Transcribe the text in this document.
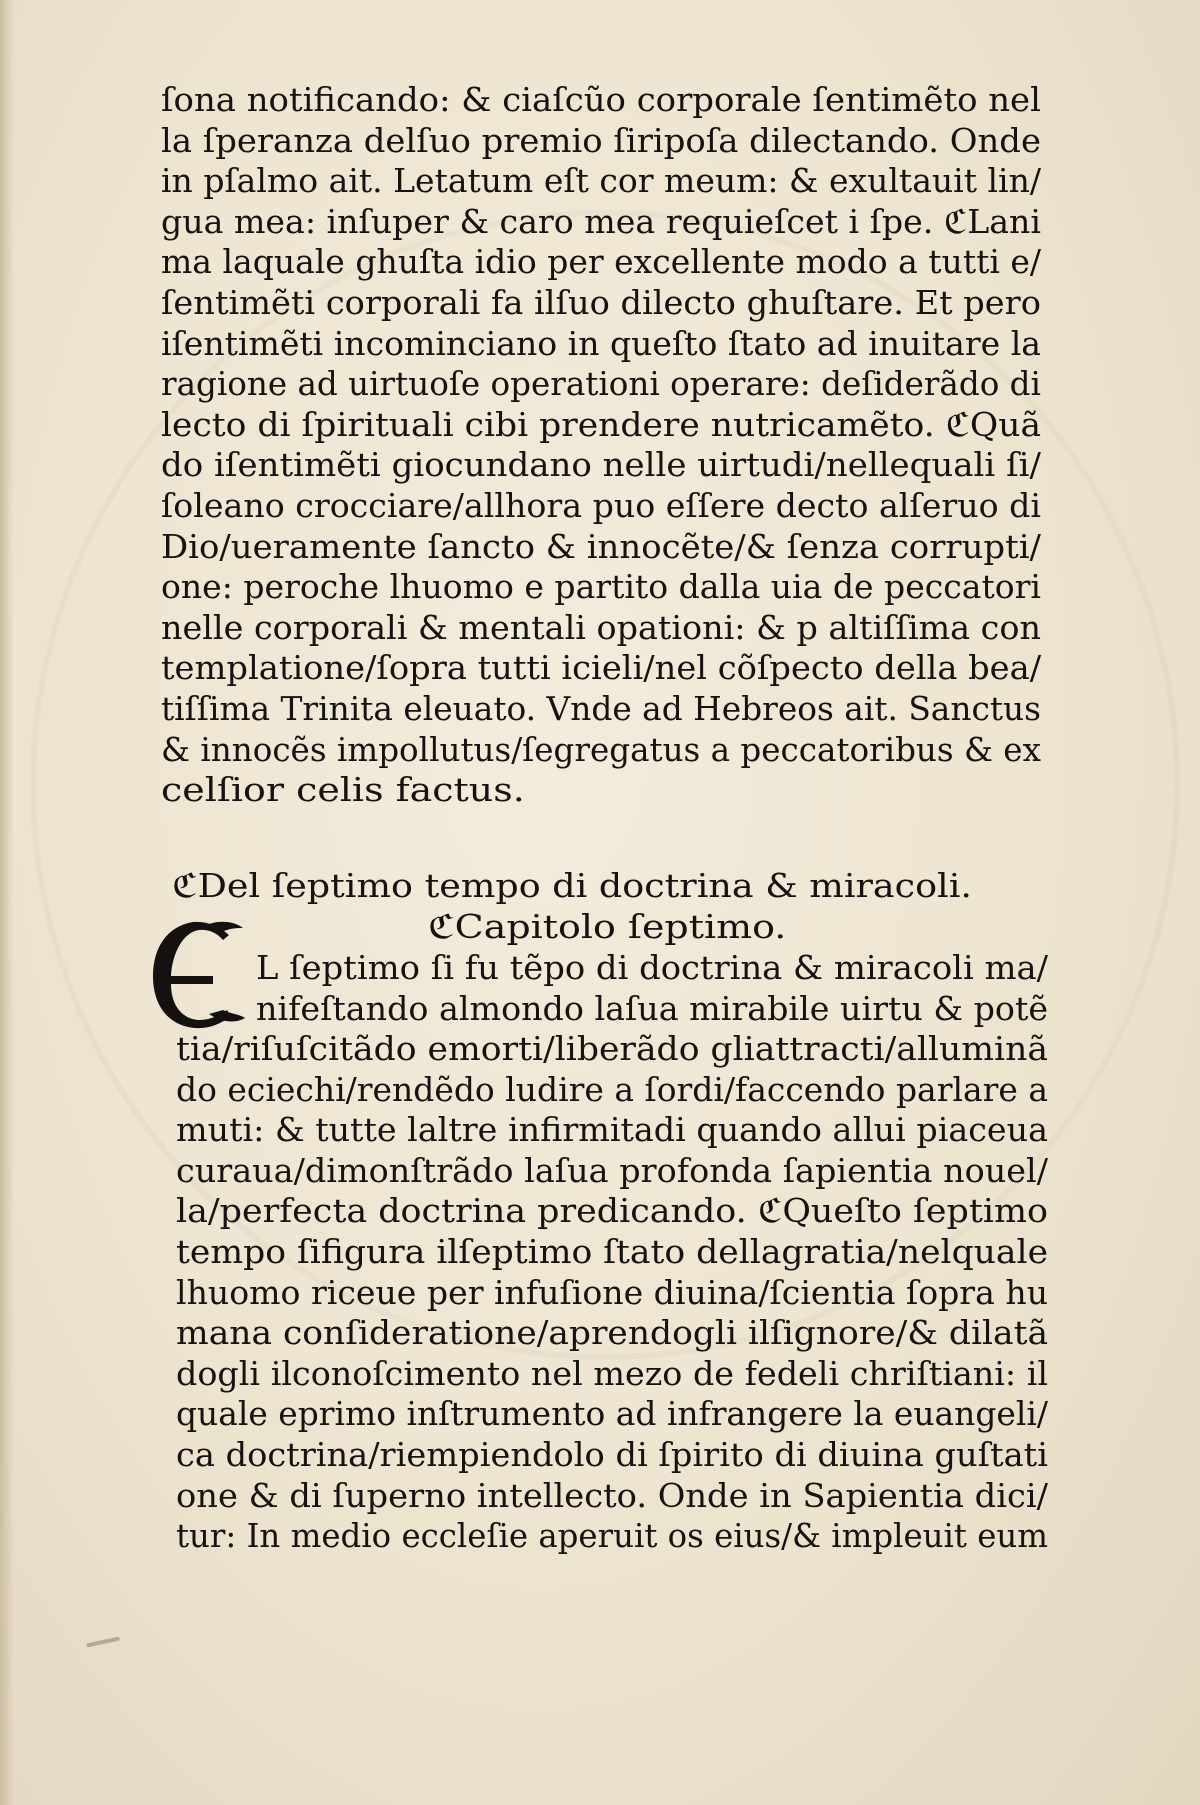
ſona notificando: & ciaſcũo corporale ſentimẽto nel
la ſperanza delſuo premio ſiripoſa dilectando. Onde
in pſalmo ait. Letatum eſt cor meum: & exultauit lin/
gua mea: inſuper & caro mea requieſcet i ſpe. ℭLani
ma laquale ghuſta idio per excellente modo a tutti e/
ſentimẽti corporali fa ilſuo dilecto ghuſtare. Et pero
iſentimẽti incominciano in queſto ſtato ad inuitare la
ragione ad uirtuoſe operationi operare: deſiderãdo di
lecto di ſpirituali cibi prendere nutricamẽto. ℭQuã
do iſentimẽti giocundano nelle uirtudi/nellequali ſi/
ſoleano crocciare/allhora puo eſſere decto alſeruo di
Dio/ueramente ſancto & innocẽte/& ſenza corrupti/
one: peroche lhuomo e partito dalla uia de peccatori
nelle corporali & mentali opationi: & p altiſſima con
templatione/ſopra tutti icieli/nel cõſpecto della bea/
tiſſima Trinita eleuato. Vnde ad Hebreos ait. Sanctus
& innocẽs impollutus/ſegregatus a peccatoribus & ex
celſior celis factus.
ℭDel ſeptimo tempo di doctrina & miracoli.
ℭCapitolo ſeptimo.
L ſeptimo ſi fu tẽpo di doctrina & miracoli ma/
nifeſtando almondo laſua mirabile uirtu & potẽ
tia/riſuſcitãdo emorti/liberãdo gliattracti/alluminã
do eciechi/rendẽdo ludire a ſordi/faccendo parlare a
muti: & tutte laltre infirmitadi quando allui piaceua
curaua/dimonſtrãdo laſua profonda ſapientia nouel/
la/perfecta doctrina predicando. ℭQueſto ſeptimo
tempo ſifigura ilſeptimo ſtato dellagratia/nelquale
lhuomo riceue per infuſione diuina/ſcientia ſopra hu
mana conſideratione/aprendogli ilſignore/& dilatã
dogli ilconoſcimento nel mezo de fedeli chriſtiani: il
quale eprimo inſtrumento ad infrangere la euangeli/
ca doctrina/riempiendolo di ſpirito di diuina guſtati
one & di ſuperno intellecto. Onde in Sapientia dici/
tur: In medio eccleſie aperuit os eius/& impleuit eum
